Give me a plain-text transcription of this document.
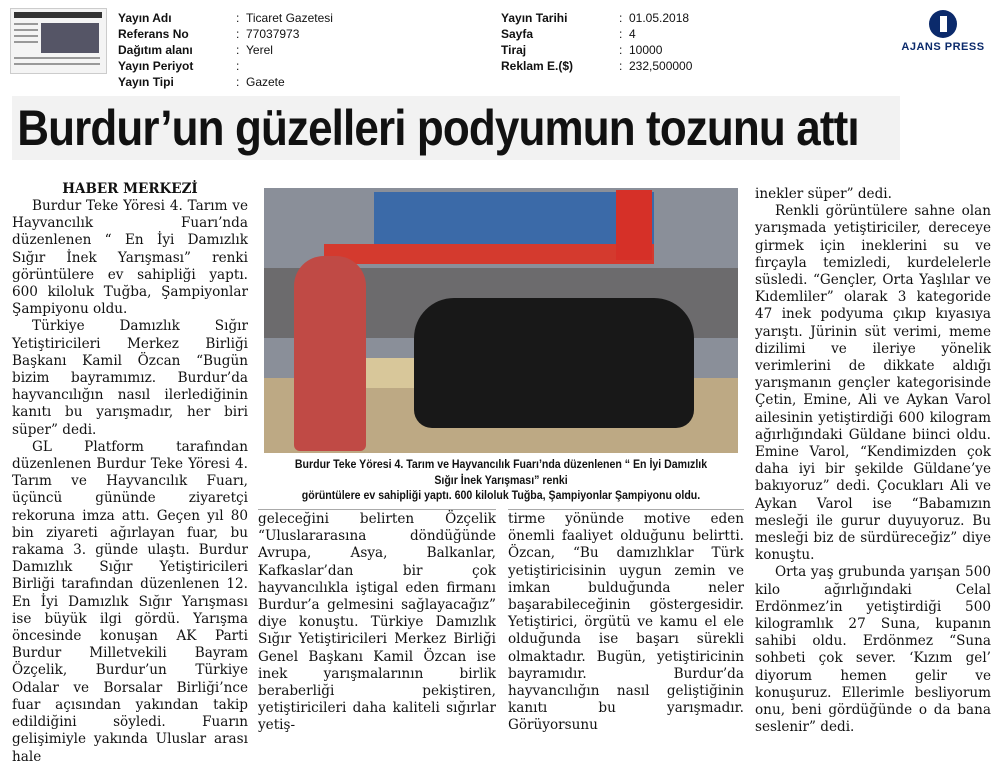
Yayın Adı	: Ticaret Gazetesi
Referans No	: 77037973
Dağıtım alanı	: Yerel
Yayın Periyot	:
Yayın Tipi	: Gazete
Yayın Tarihi	: 01.05.2018
Sayfa	: 4
Tiraj	: 10000
Reklam E.($)	: 232,500000
AJANS PRESS
Burdur’un güzelleri podyumun tozunu attı
HABER MERKEZİ

Burdur Teke Yöresi 4. Tarım ve Hayvancılık Fuarı’nda düzenlenen “ En İyi Damızlık Sığır İnek Yarışması” renki görüntülere ev sahipliği yaptı. 600 kiloluk Tuğba, Şampiyonlar Şampiyonu oldu.

Türkiye Damızlık Sığır Yetiştiricileri Merkez Birliği Başkanı Kamil Özcan “Bugün bizim bayramımız. Burdur’da hayvancılığın nasıl ilerlediğinin kanıtı bu yarışmadır, her biri süper” dedi.

GL Platform tarafından düzenlenen Burdur Teke Yöresi 4. Tarım ve Hayvancılık Fuarı, üçüncü gününde ziyaretçi rekoruna imza attı. Geçen yıl 80 bin ziyareti ağırlayan fuar, bu rakama 3. günde ulaştı. Burdur Damızlık Sığır Yetiştiricileri Birliği tarafından düzenlenen 12. En İyi Damızlık Sığır Yarışması ise büyük ilgi gördü. Yarışma öncesinde konuşan AK Parti Burdur Milletvekili Bayram Özçelik, Burdur’un Türkiye Odalar ve Borsalar Birliği’nce fuar açısından yakından takip edildiğini söyledi. Fuarın gelişimiyle yakında Uluslar arası hale

Burdur Teke Yöresi 4. Tarım ve Hayvancılık Fuarı’nda düzenlenen “ En İyi Damızlık Sığır İnek Yarışması” renki
görüntülere ev sahipliği yaptı. 600 kiloluk Tuğba, Şampiyonlar Şampiyonu oldu.

geleceğini belirten Özçelik “Uluslararasına döndüğünde Avrupa, Asya, Balkanlar, Kafkaslar’dan bir çok hayvancılıkla iştigal eden firmanı Burdur’a gelmesini sağlayacağız” diye konuştu. Türkiye Damızlık Sığır Yetiştiricileri Merkez Birliği Genel Başkanı Kamil Özcan ise inek yarışmalarının birlik beraberliği pekiştiren, yetiştiricileri daha kaliteli sığırlar yetiş-

tirme yönünde motive eden önemli faaliyet olduğunu belirtti. Özcan, “Bu damızlıklar Türk yetiştiricisinin uygun zemin ve imkan bulduğunda neler başarabileceğinin göstergesidir. Yetiştirici, örgütü ve kamu el ele olduğunda ise başarı sürekli olmaktadır. Bugün, yetiştiricinin bayramıdır. Burdur’da hayvancılığın nasıl geliştiğinin kanıtı bu yarışmadır. Görüyorsunu

inekler süper” dedi.

Renkli görüntülere sahne olan yarışmada yetiştiriciler, dereceye girmek için ineklerini su ve fırçayla temizledi, kurdelelerle süsledi. “Gençler, Orta Yaşlılar ve Kıdemliler” olarak 3 kategoride 47 inek podyuma çıkıp kıyasıya yarıştı. Jürinin süt verimi, meme dizilimi ve ileriye yönelik verimlerini de dikkate aldığı yarışmanın gençler kategorisinde Çetin, Emine, Ali ve Aykan Varol ailesinin yetiştirdiği 600 kilogram ağırlığındaki Güldane biinci oldu. Emine Varol, “Kendimizden çok daha iyi bir şekilde Güldane’ye bakıyoruz” dedi. Çocukları Ali ve Aykan Varol ise “Babamızın mesleği ile gurur duyuyoruz. Bu mesleği biz de sürdüreceğiz” diye konuştu.

Orta yaş grubunda yarışan 500 kilo ağırlığındaki Celal Erdönmez’in yetiştirdiği 500 kilogramlık 27 Suna, kupanın sahibi oldu. Erdönmez “Suna sohbeti çok sever. ‘Kızım gel’ diyorum hemen gelir ve konuşuruz. Ellerimle besliyorum onu, beni gördüğünde o da bana seslenir” dedi.
